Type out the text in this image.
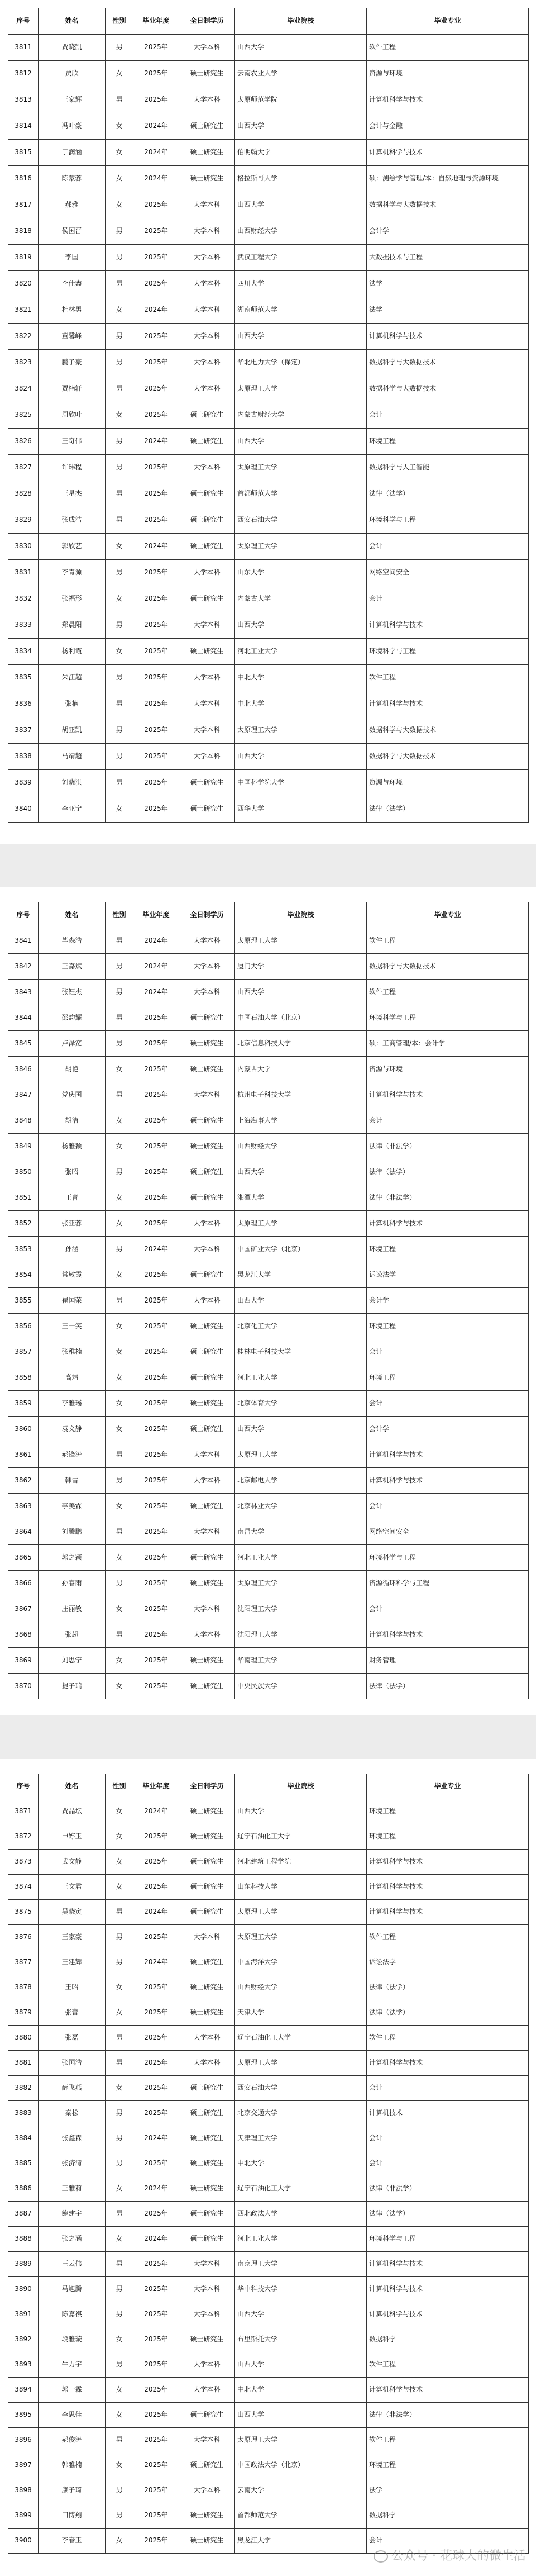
序号	姓名	性别	毕业年度	全日制学历	毕业院校	毕业专业
3811	贾晓凯	男	2025年	大学本科	山西大学	软件工程
3812	贾欣	女	2025年	硕士研究生	云南农业大学	资源与环境
3813	王家辉	男	2025年	大学本科	太原师范学院	计算机科学与技术
3814	冯叶豪	女	2024年	硕士研究生	山西大学	会计与金融
3815	于润涵	女	2024年	硕士研究生	伯明翰大学	计算机科学与技术
3816	陈蒙蓉	女	2024年	硕士研究生	格拉斯哥大学	硕：测绘学与管理/本：自然地理与资源环境
3817	郝雅	女	2025年	大学本科	山西大学	数据科学与大数据技术
3818	侯国晋	男	2025年	大学本科	山西财经大学	会计学
3819	李国	男	2025年	大学本科	武汉工程大学	大数据技术与工程
3820	李佳鑫	男	2025年	大学本科	四川大学	法学
3821	杜林男	女	2024年	大学本科	湖南师范大学	法学
3822	董馨峰	男	2025年	大学本科	山西大学	计算机科学与技术
3823	鹏子豪	男	2025年	大学本科	华北电力大学（保定）	数据科学与大数据技术
3824	贾楠轩	男	2025年	大学本科	太原理工大学	数据科学与大数据技术
3825	周欣叶	女	2025年	硕士研究生	内蒙古财经大学	会计
3826	王奇伟	男	2024年	硕士研究生	山西大学	环境工程
3827	许玮程	男	2025年	大学本科	太原理工大学	数据科学与人工智能
3828	王星杰	男	2025年	硕士研究生	首都师范大学	法律（法学）
3829	张成洁	男	2025年	硕士研究生	西安石油大学	环境科学与工程
3830	郭欣艺	女	2024年	硕士研究生	太原理工大学	会计
3831	李青源	男	2025年	大学本科	山东大学	网络空间安全
3832	张福形	女	2025年	硕士研究生	内蒙古大学	会计
3833	郑晨阳	男	2025年	大学本科	山西大学	计算机科学与技术
3834	杨利霞	女	2025年	硕士研究生	河北工业大学	环境科学与工程
3835	朱江超	男	2025年	大学本科	中北大学	软件工程
3836	张楠	男	2025年	大学本科	中北大学	计算机科学与技术
3837	胡亚凯	男	2025年	大学本科	太原理工大学	数据科学与大数据技术
3838	马靖超	男	2025年	大学本科	山西大学	数据科学与大数据技术
3839	刘晓淇	男	2025年	硕士研究生	中国科学院大学	资源与环境
3840	李亚宁	女	2025年	硕士研究生	西华大学	法律（法学）
序号	姓名	性别	毕业年度	全日制学历	毕业院校	毕业专业
3841	毕森浩	男	2024年	大学本科	太原理工大学	软件工程
3842	王嘉斌	男	2024年	大学本科	厦门大学	数据科学与大数据技术
3843	张钰杰	男	2024年	大学本科	山西大学	软件工程
3844	邵韵耀	男	2025年	硕士研究生	中国石油大学（北京）	环境科学与工程
3845	卢泽宽	男	2025年	硕士研究生	北京信息科技大学	硕：工商管理/本：会计学
3846	胡艳	女	2025年	硕士研究生	内蒙古大学	资源与环境
3847	党庆国	男	2025年	大学本科	杭州电子科技大学	计算机科学与技术
3848	胡洁	女	2025年	硕士研究生	上海海事大学	会计
3849	杨雅颖	女	2025年	硕士研究生	山西财经大学	法律（非法学）
3850	张昭	男	2025年	硕士研究生	山西大学	法律（法学）
3851	王菁	女	2025年	硕士研究生	湘潭大学	法律（非法学）
3852	张亚蓉	女	2025年	大学本科	太原理工大学	计算机科学与技术
3853	孙涵	男	2024年	大学本科	中国矿业大学（北京）	环境工程
3854	常敏霞	女	2025年	硕士研究生	黑龙江大学	诉讼法学
3855	崔国荣	男	2025年	大学本科	山西大学	会计学
3856	王一笑	女	2025年	硕士研究生	北京化工大学	环境工程
3857	张稚楠	女	2025年	硕士研究生	桂林电子科技大学	会计
3858	高靖	女	2025年	硕士研究生	河北工业大学	环境工程
3859	李雅瑶	女	2025年	硕士研究生	北京体育大学	会计
3860	袁文静	女	2025年	硕士研究生	山西大学	会计学
3861	郝锋涛	男	2025年	大学本科	太原理工大学	计算机科学与技术
3862	韩雪	男	2025年	大学本科	北京邮电大学	计算机科学与技术
3863	李美霖	女	2025年	硕士研究生	北京林业大学	会计
3864	刘騰鹏	男	2025年	大学本科	南昌大学	网络空间安全
3865	郭之颖	女	2025年	硕士研究生	河北工业大学	环境科学与工程
3866	孙春雨	男	2025年	硕士研究生	太原理工大学	资源循环科学与工程
3867	庄丽敏	女	2025年	大学本科	沈阳理工大学	会计
3868	张超	男	2025年	大学本科	沈阳理工大学	计算机科学与技术
3869	刘思宁	女	2025年	硕士研究生	华南理工大学	财务管理
3870	提子瑞	女	2025年	硕士研究生	中央民族大学	法律（法学）
序号	姓名	性别	毕业年度	全日制学历	毕业院校	毕业专业
3871	贾晶坛	女	2024年	硕士研究生	山西大学	环境工程
3872	申婷玉	女	2025年	硕士研究生	辽宁石油化工大学	环境工程
3873	武文静	女	2025年	硕士研究生	河北建筑工程学院	计算机科学与技术
3874	王文君	女	2025年	硕士研究生	山东科技大学	计算机科学与技术
3875	吴晓寅	男	2024年	硕士研究生	太原理工大学	计算机科学与技术
3876	王家豪	男	2025年	大学本科	太原理工大学	软件工程
3877	王建辉	男	2024年	硕士研究生	中国海洋大学	诉讼法学
3878	王昭	女	2025年	硕士研究生	山西财经大学	法律（法学）
3879	张蕾	女	2025年	硕士研究生	天津大学	法律（法学）
3880	张磊	男	2025年	大学本科	辽宁石油化工大学	软件工程
3881	张国浩	男	2025年	大学本科	太原理工大学	计算机科学与技术
3882	薛飞燕	女	2025年	硕士研究生	西安石油大学	会计
3883	秦松	男	2025年	硕士研究生	北京交通大学	计算机技术
3884	张鑫森	男	2024年	硕士研究生	天津理工大学	会计
3885	张济清	男	2025年	硕士研究生	中北大学	会计
3886	王雅莉	女	2024年	硕士研究生	辽宁石油化工大学	法律（非法学）
3887	鲍建宇	男	2025年	硕士研究生	西北政法大学	法律（法学）
3888	张之涵	女	2024年	硕士研究生	河北工业大学	环境科学与工程
3889	王云伟	男	2025年	大学本科	南京理工大学	计算机科学与技术
3890	马旭腾	男	2025年	大学本科	华中科技大学	计算机科学与技术
3891	陈嘉祺	男	2025年	大学本科	山西大学	计算机科学与技术
3892	段雅璇	女	2025年	硕士研究生	布里斯托大学	数据科学
3893	牛力宇	男	2025年	大学本科	山西大学	软件工程
3894	郭一霖	女	2025年	大学本科	中北大学	计算机科学与技术
3895	李思佳	女	2025年	硕士研究生	山西大学	法律（非法学）
3896	郝俊涛	男	2025年	大学本科	太原理工大学	软件工程
3897	韩雅楠	女	2025年	硕士研究生	中国政法大学（北京）	环境工程
3898	康子琦	男	2025年	大学本科	云南大学	法学
3899	田博翔	男	2025年	硕士研究生	首都师范大学	数据科学
3900	李春玉	女	2025年	硕士研究生	黑龙江大学	会计
公众号 · 花球大的微生活
